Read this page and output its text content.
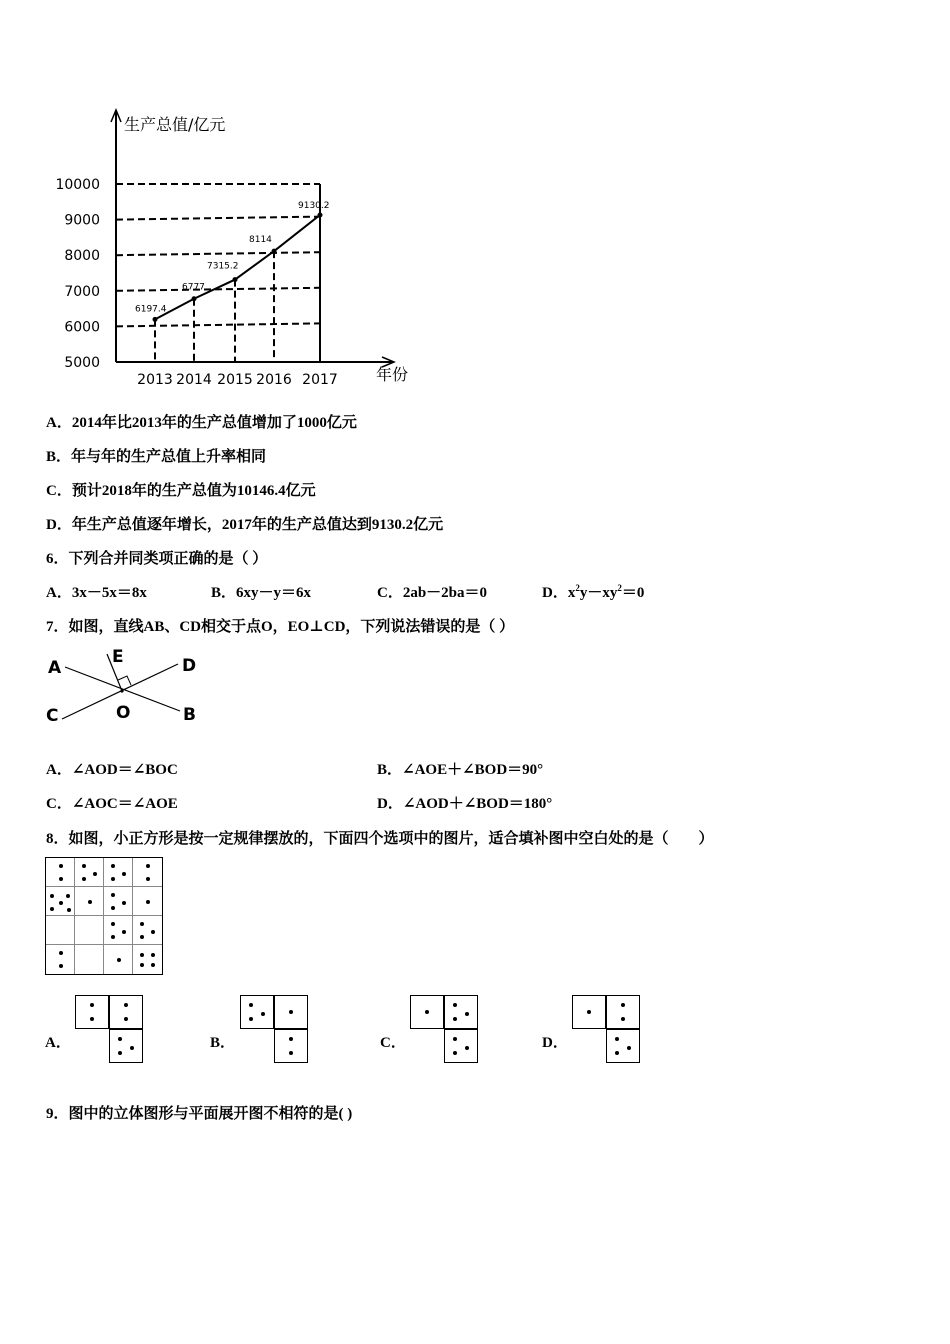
5000
6000
7000
8000
9000
10000
2013 2014 2015 2016 2017
6197.4
6777
7315.2
8114
9130.2
生产总值/亿元
年份
A．2014年比2013年的生产总值增加了1000亿元
B．年与年的生产总值上升率相同
C．预计2018年的生产总值为10146.4亿元
D．年生产总值逐年增长，2017年的生产总值达到9130.2亿元
6．下列合并同类项正确的是（ ）
A．3x－5x＝8x	B．6xy－y＝6x	C．2ab－2ba＝0	D．$x^2y-xy^2=0$
7．如图，直线AB、CD相交于点O，EO⊥CD，下列说法错误的是（ ）
A
B
C
D
E
O
A．∠AOD＝∠BOC	B．∠AOE＋∠BOD＝90°
C．∠AOC＝∠AOE	D．∠AOD＋∠BOD＝180°
8．如图，小正方形是按一定规律摆放的，下面四个选项中的图片，适合填补图中空白处的是（　　）
A．	B．	C．	D．
9．图中的立体图形与平面展开图不相符的是( )
